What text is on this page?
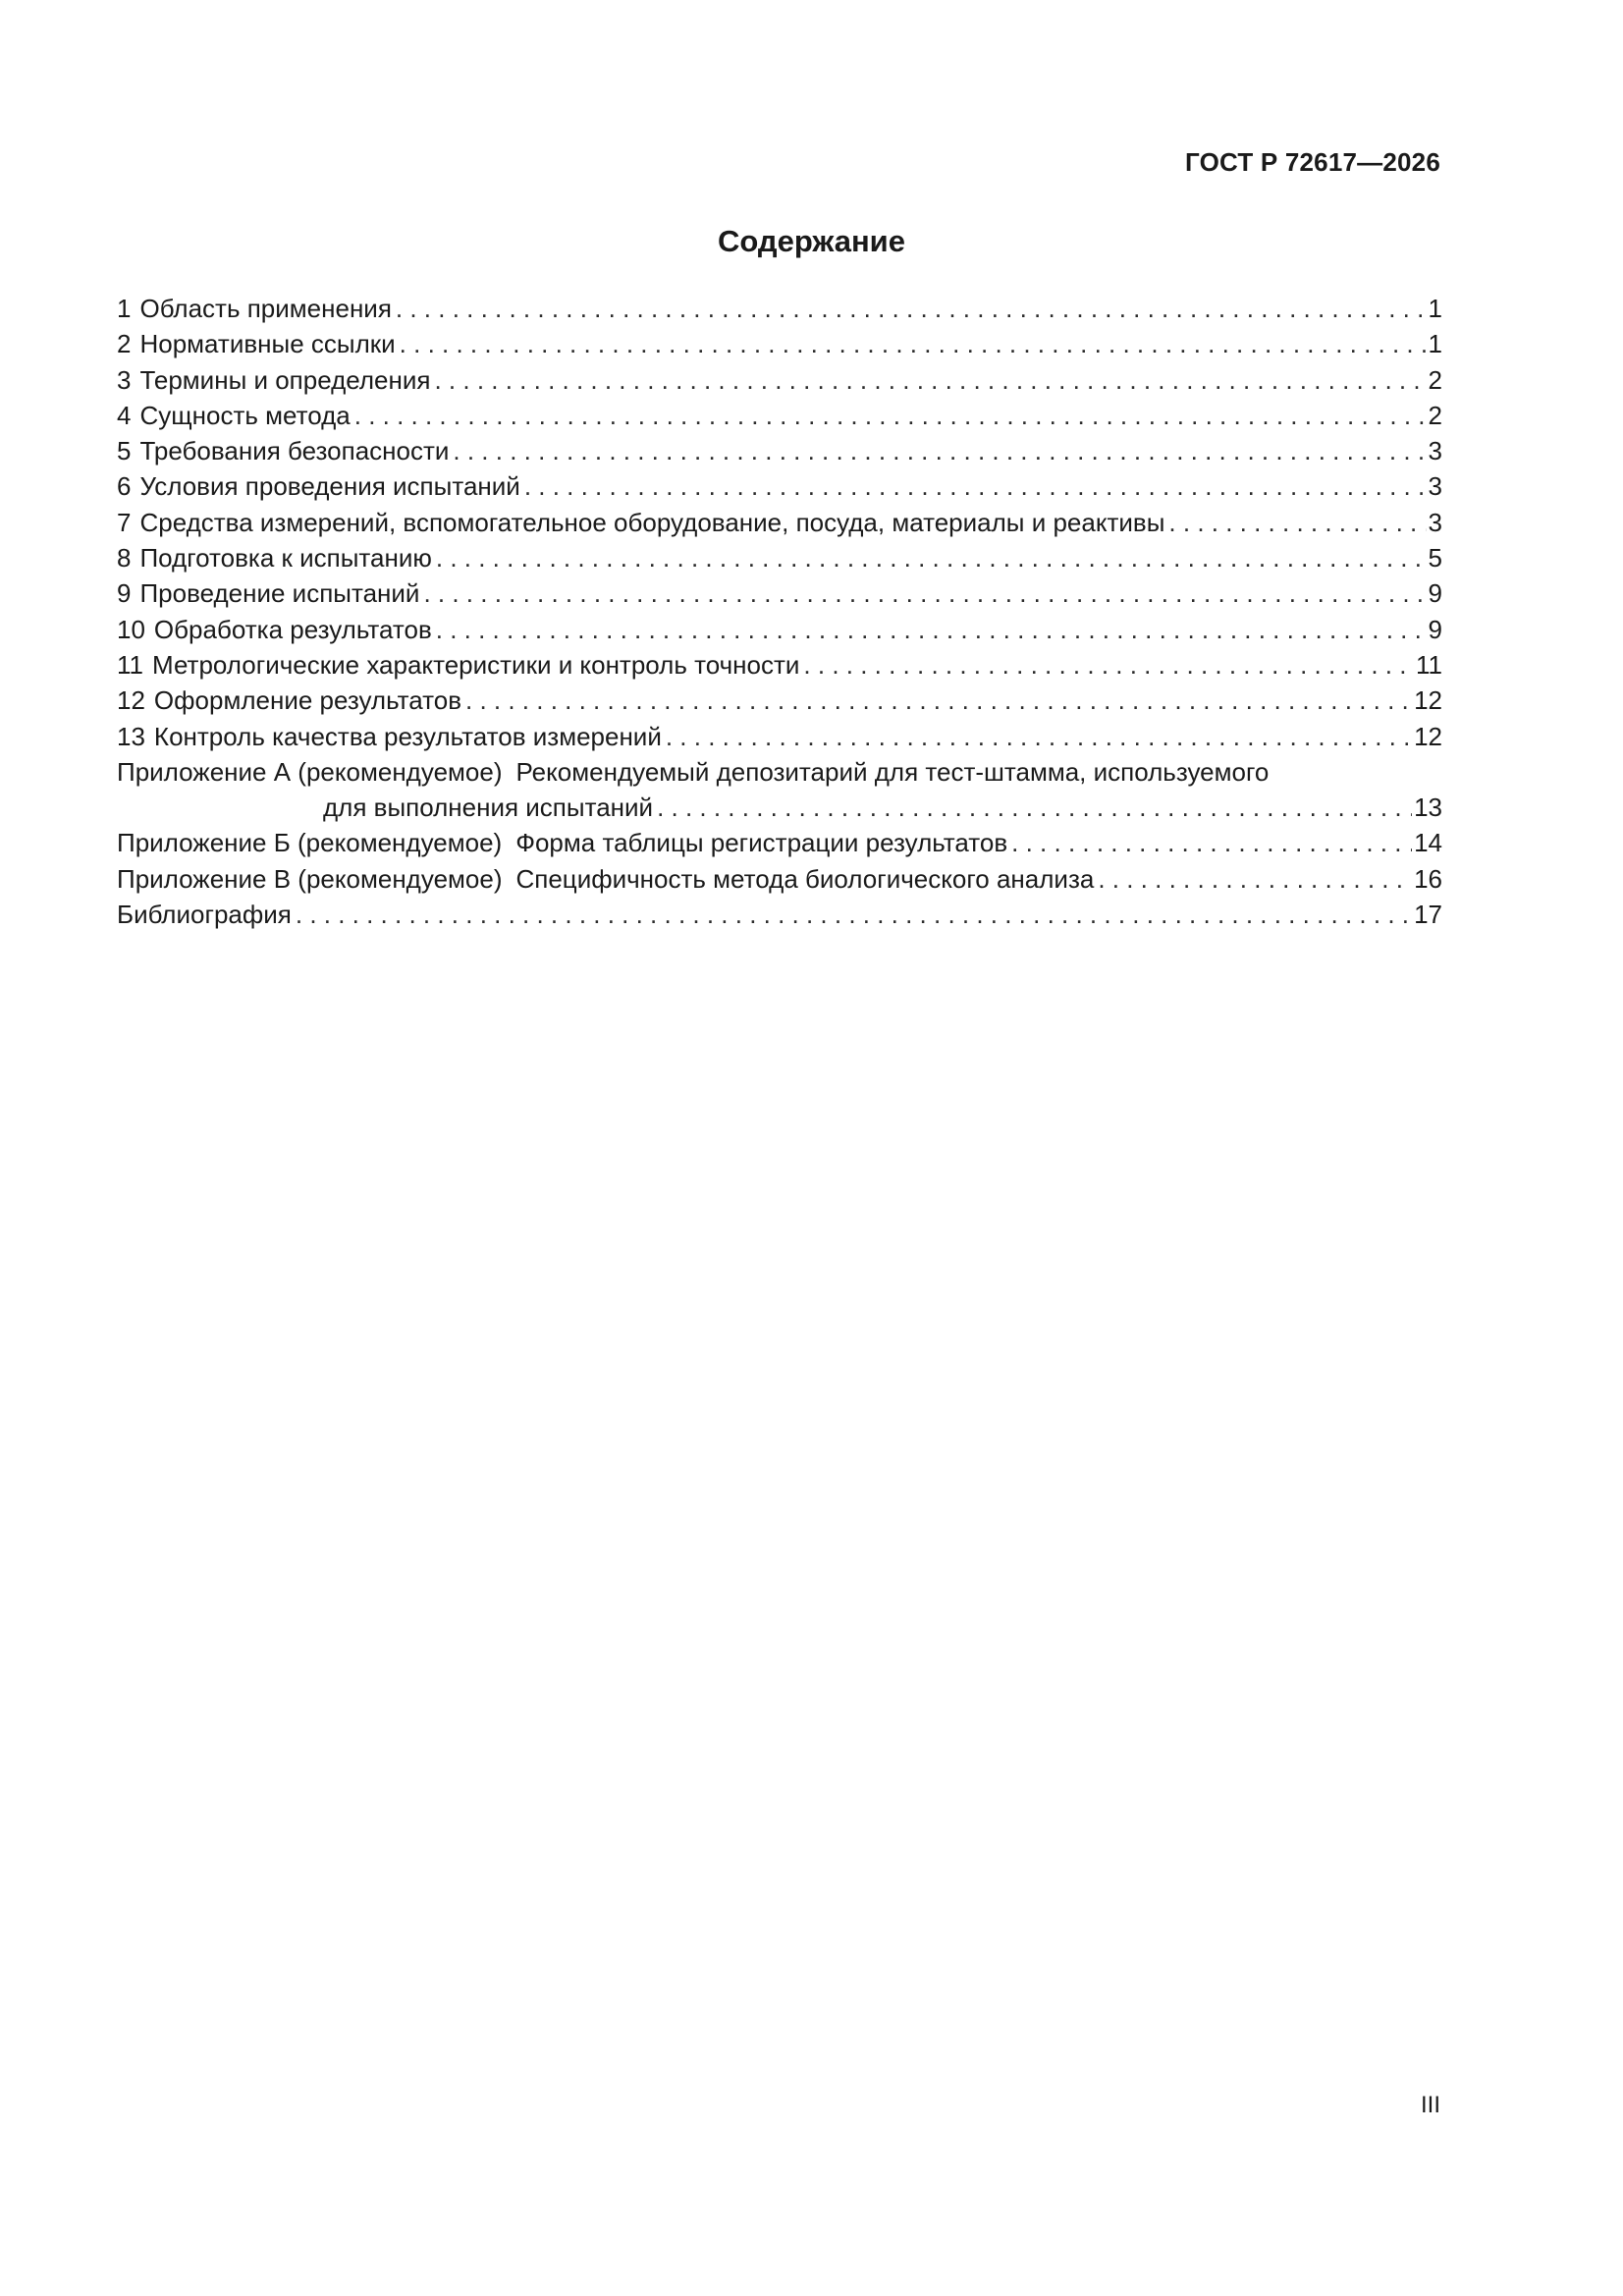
ГОСТ Р 72617—2026
Содержание
1 Область применения . . .	1
2 Нормативные ссылки . . .	1
3 Термины и определения . . .	2
4 Сущность метода . . .	2
5 Требования безопасности . . .	3
6 Условия проведения испытаний . . .	3
7 Средства измерений, вспомогательное оборудование, посуда, материалы и реактивы . . .	3
8 Подготовка к испытанию . . .	5
9 Проведение испытаний . . .	9
10 Обработка результатов . . .	9
11 Метрологические характеристики и контроль точности . . .	11
12 Оформление результатов . . .	12
13 Контроль качества результатов измерений . . .	12
Приложение А (рекомендуемое) Рекомендуемый депозитарий для тест-штамма, используемого
для выполнения испытаний . . .	13
Приложение Б (рекомендуемое) Форма таблицы регистрации результатов . . .	14
Приложение В (рекомендуемое) Специфичность метода биологического анализа . . .	16
Библиография . . .	17
III
